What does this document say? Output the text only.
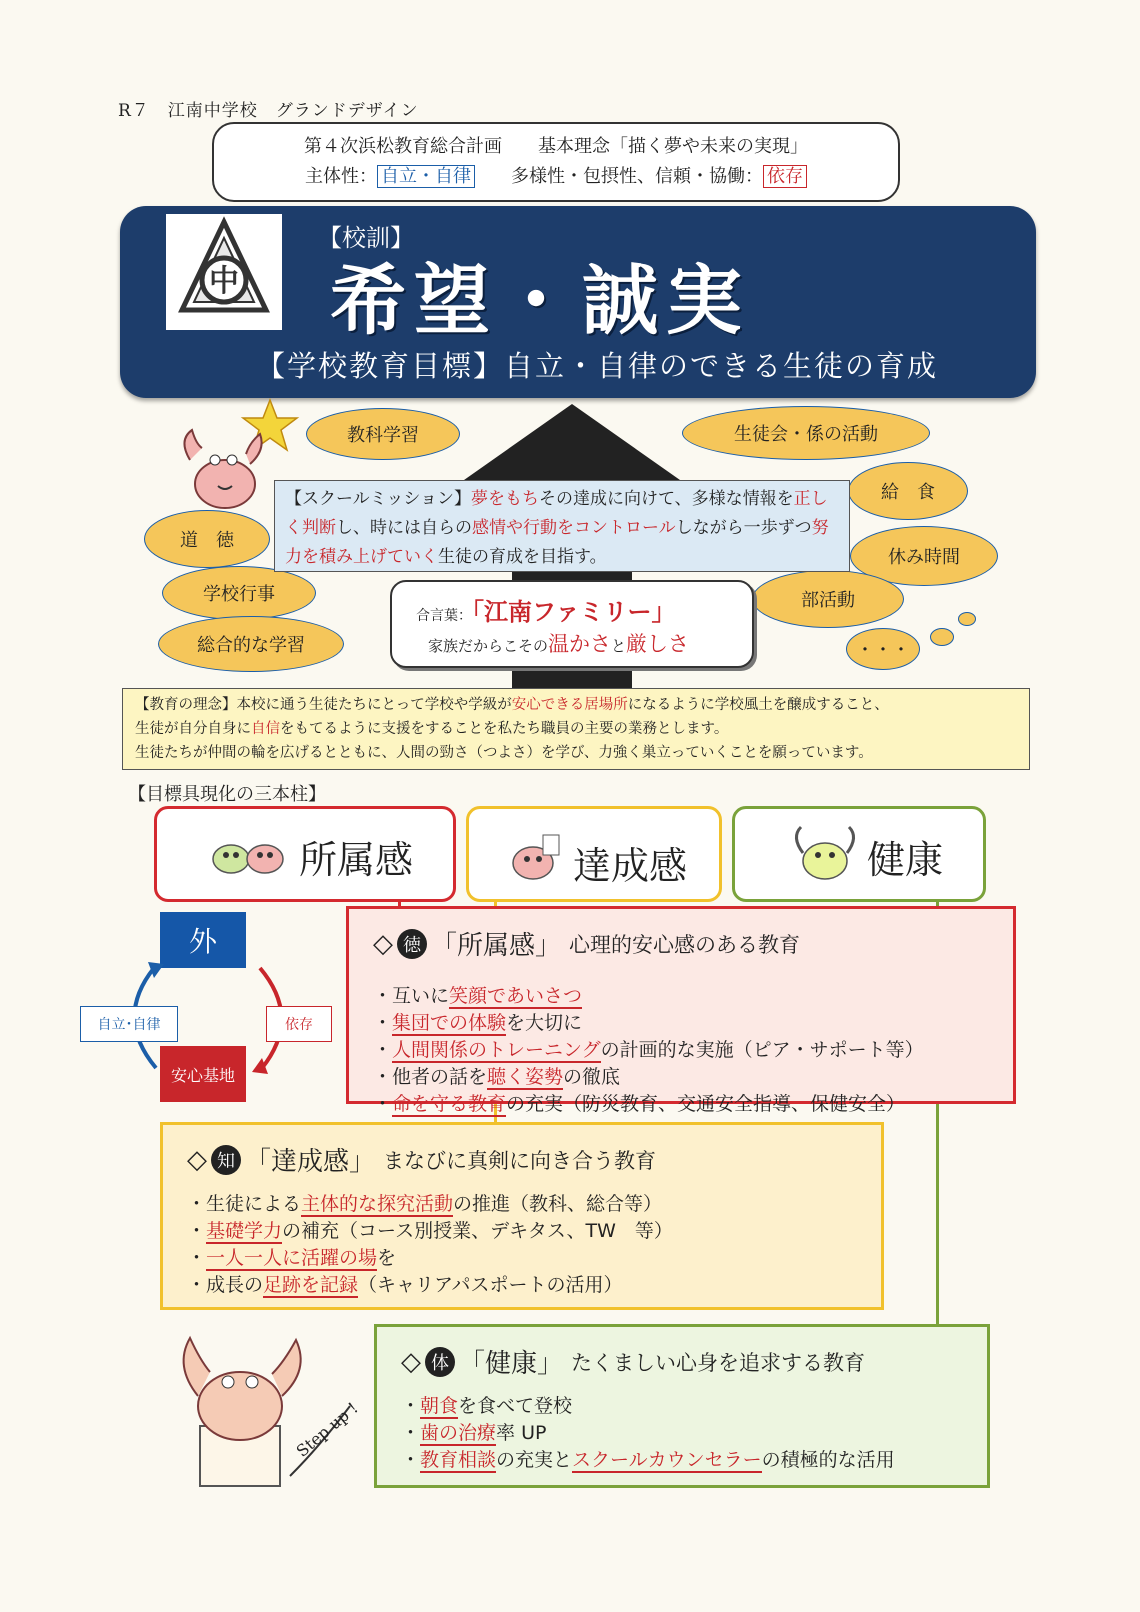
R７　江南中学校　グランドデザイン
第４次浜松教育総合計画　　基本理念「描く夢や未来の実現」
主体性： 自立・自律　　多様性・包摂性、信頼・協働： 依存
中
【校訓】
希望・誠実
【学校教育目標】自立・自律のできる生徒の育成
教科学習
道　徳
学校行事
総合的な学習
生徒会・係の活動
給　食
休み時間
部活動
・・・
【スクールミッション】夢をもちその達成に向けて、多様な情報を正しく判断し、時には自らの感情や行動をコントロールしながら一歩ずつ努力を積み上げていく生徒の育成を目指す。
合言葉：「江南ファミリー」
家族だからこその温かさと厳しさ
【教育の理念】本校に通う生徒たちにとって学校や学級が安心できる居場所になるように学校風土を醸成すること、
生徒が自分自身に自信をもてるように支援をすることを私たち職員の主要の業務とします。
生徒たちが仲間の輪を広げるとともに、人間の勁さ（つよさ）を学び、力強く巣立っていくことを願っています。
【目標具現化の三本柱】
所属感	達成感	健康
外
安心基地
自立･自律	依存
◇ 徳 「所属感」 心理的安心感のある教育
・ 互いに笑顔であいさつ
・ 集団での体験を大切に
・ 人間関係のトレーニングの計画的な実施（ピア・サポート等）
・ 他者の話を聴く姿勢の徹底
・ 命を守る教育の充実（防災教育、交通安全指導、保健安全）
◇ 知 「達成感」 まなびに真剣に向き合う教育
・ 生徒による主体的な探究活動の推進（教科、総合等）
・ 基礎学力の補充（コース別授業、デキタス、TW　等）
・ 一人一人に活躍の場を
・ 成長の足跡を記録（キャリアパスポートの活用）
Step up !
◇ 体 「健康」 たくましい心身を追求する教育
・ 朝食を食べて登校
・ 歯の治療率 UP
・ 教育相談の充実とスクールカウンセラーの積極的な活用
